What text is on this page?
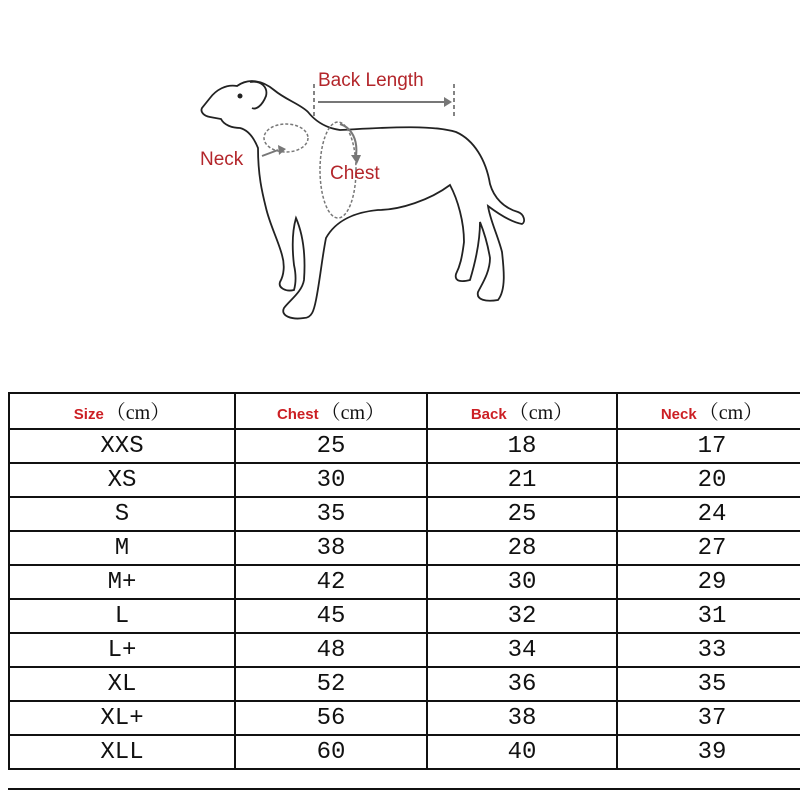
Back Length
Neck
Chest
Size （cm）	Chest （cm）	Back （cm）	Neck （cm）
XXS	25	18	17
XS	30	21	20
S	35	25	24
M	38	28	27
M+	42	30	29
L	45	32	31
L+	48	34	33
XL	52	36	35
XL+	56	38	37
XLL	60	40	39
